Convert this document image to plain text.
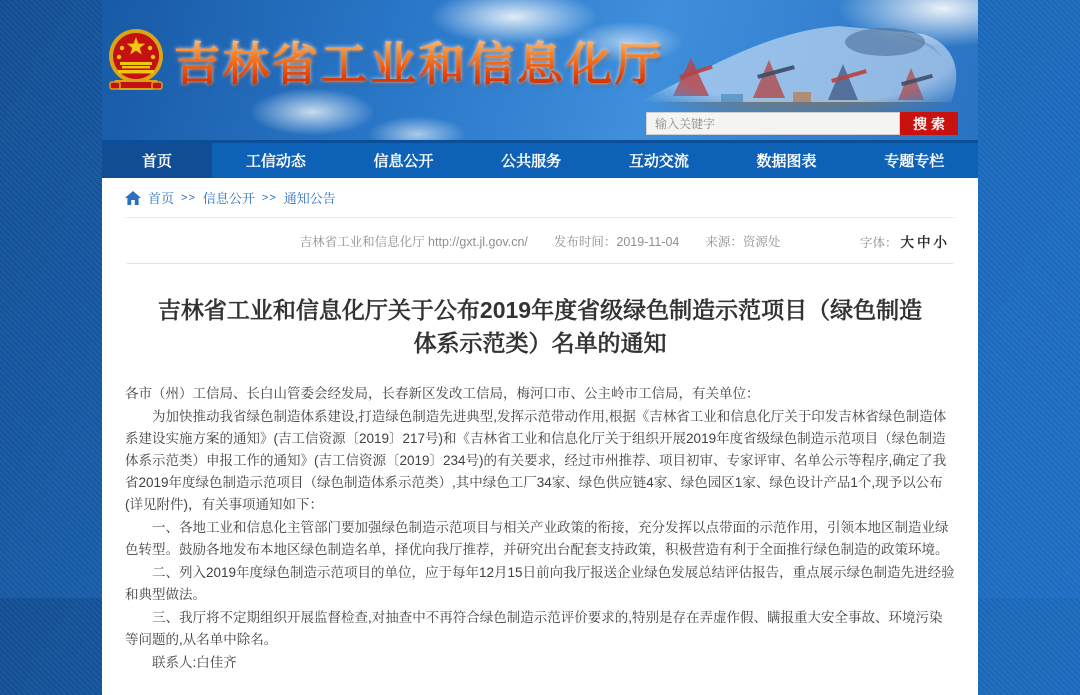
吉林省工业和信息化厅
输入关键字
搜索
首页	工信动态	信息公开	公共服务	互动交流	数据图表	专题专栏
首页 >> 信息公开 >> 通知公告
吉林省工业和信息化厅 http://gxt.jl.gov.cn/ 发布时间：2019-11-04 来源：资源处	字体： 大 中 小
吉林省工业和信息化厅关于公布2019年度省级绿色制造示范项目（绿色制造体系示范类）名单的通知

各市（州）工信局、长白山管委会经发局，长春新区发改工信局，梅河口市、公主岭市工信局，有关单位：

为加快推动我省绿色制造体系建设,打造绿色制造先进典型,发挥示范带动作用,根据《吉林省工业和信息化厅关于印发吉林省绿色制造体系建设实施方案的通知》(吉工信资源〔2019〕217号)和《吉林省工业和信息化厅关于组织开展2019年度省级绿色制造示范项目（绿色制造体系示范类）申报工作的通知》(吉工信资源〔2019〕234号)的有关要求，经过市州推荐、项目初审、专家评审、名单公示等程序,确定了我省2019年度绿色制造示范项目（绿色制造体系示范类）,其中绿色工厂34家、绿色供应链4家、绿色园区1家、绿色设计产品1个,现予以公布(详见附件)，有关事项通知如下：

一、各地工业和信息化主管部门要加强绿色制造示范项目与相关产业政策的衔接，充分发挥以点带面的示范作用，引领本地区制造业绿色转型。鼓励各地发布本地区绿色制造名单，择优向我厅推荐，并研究出台配套支持政策，积极营造有利于全面推行绿色制造的政策环境。

二、列入2019年度绿色制造示范项目的单位，应于每年12月15日前向我厅报送企业绿色发展总结评估报告，重点展示绿色制造先进经验和典型做法。

三、我厅将不定期组织开展监督检查,对抽查中不再符合绿色制造示范评价要求的,特别是存在弄虚作假、瞒报重大安全事故、环境污染等问题的,从名单中除名。

联系人:白佳齐
